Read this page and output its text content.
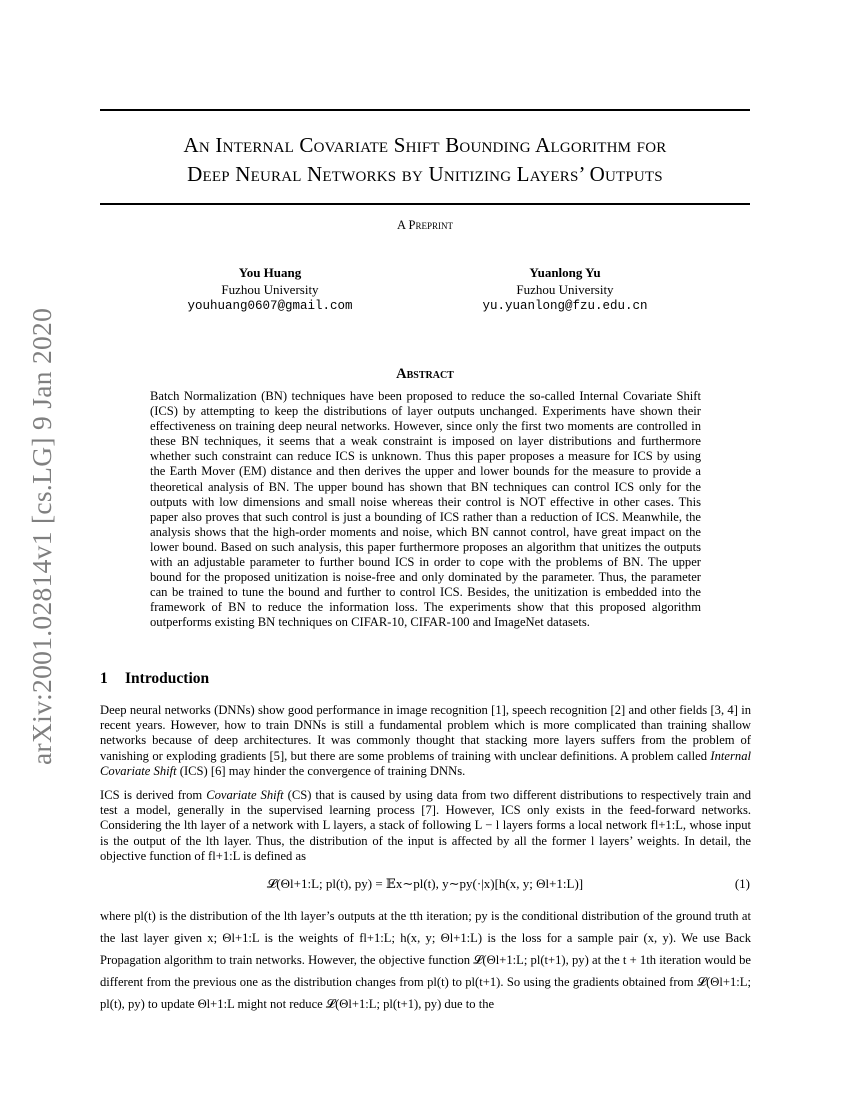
An Internal Covariate Shift Bounding Algorithm for
Deep Neural Networks by Unitizing Layers’ Outputs
A Preprint
You Huang
Fuzhou University
youhuang0607@gmail.com
Yuanlong Yu
Fuzhou University
yu.yuanlong@fzu.edu.cn
arXiv:2001.02814v1 [cs.LG] 9 Jan 2020	Abstract
Batch Normalization (BN) techniques have been proposed to reduce the so-called Internal Covariate Shift (ICS) by attempting to keep the distributions of layer outputs unchanged. Experiments have shown their effectiveness on training deep neural networks. However, since only the first two moments are controlled in these BN techniques, it seems that a weak constraint is imposed on layer distributions and furthermore whether such constraint can reduce ICS is unknown. Thus this paper proposes a measure for ICS by using the Earth Mover (EM) distance and then derives the upper and lower bounds for the measure to provide a theoretical analysis of BN. The upper bound has shown that BN techniques can control ICS only for the outputs with low dimensions and small noise whereas their control is NOT effective in other cases. This paper also proves that such control is just a bounding of ICS rather than a reduction of ICS. Meanwhile, the analysis shows that the high-order moments and noise, which BN cannot control, have great impact on the lower bound. Based on such analysis, this paper furthermore proposes an algorithm that unitizes the outputs with an adjustable parameter to further bound ICS in order to cope with the problems of BN. The upper bound for the proposed unitization is noise-free and only dominated by the parameter. Thus, the parameter can be trained to tune the bound and further to control ICS. Besides, the unitization is embedded into the framework of BN to reduce the information loss. The experiments show that this proposed algorithm outperforms existing BN techniques on CIFAR-10, CIFAR-100 and ImageNet datasets.
1 Introduction
Deep neural networks (DNNs) show good performance in image recognition [1], speech recognition [2] and other fields [3, 4] in recent years. However, how to train DNNs is still a fundamental problem which is more complicated than training shallow networks because of deep architectures. It was commonly thought that stacking more layers suffers from the problem of vanishing or exploding gradients [5], but there are some problems of training with unclear definitions. A problem called Internal Covariate Shift (ICS) [6] may hinder the convergence of training DNNs.
ICS is derived from Covariate Shift (CS) that is caused by using data from two different distributions to respectively train and test a model, generally in the supervised learning process [7]. However, ICS only exists in the feed-forward networks. Considering the lth layer of a network with L layers, a stack of following L − l layers forms a local network fl+1:L, whose input is the output of the lth layer. Thus, the distribution of the input is affected by all the former l layers’ weights. In detail, the objective function of fl+1:L is defined as
𝓛(Θl+1:L; pl(t), py) = 𝔼x∼pl(t), y∼py(·|x)[h(x, y; Θl+1:L)]	(1)
where pl(t) is the distribution of the lth layer’s outputs at the tth iteration; py is the conditional distribution of the ground truth at the last layer given x; Θl+1:L is the weights of fl+1:L; h(x, y; Θl+1:L) is the loss for a sample pair (x, y). We use Back Propagation algorithm to train networks. However, the objective function 𝓛(Θl+1:L; pl(t+1), py) at the t + 1th iteration would be different from the previous one as the distribution changes from pl(t) to pl(t+1). So using the gradients obtained from 𝓛(Θl+1:L; pl(t), py) to update Θl+1:L might not reduce 𝓛(Θl+1:L; pl(t+1), py) due to the
